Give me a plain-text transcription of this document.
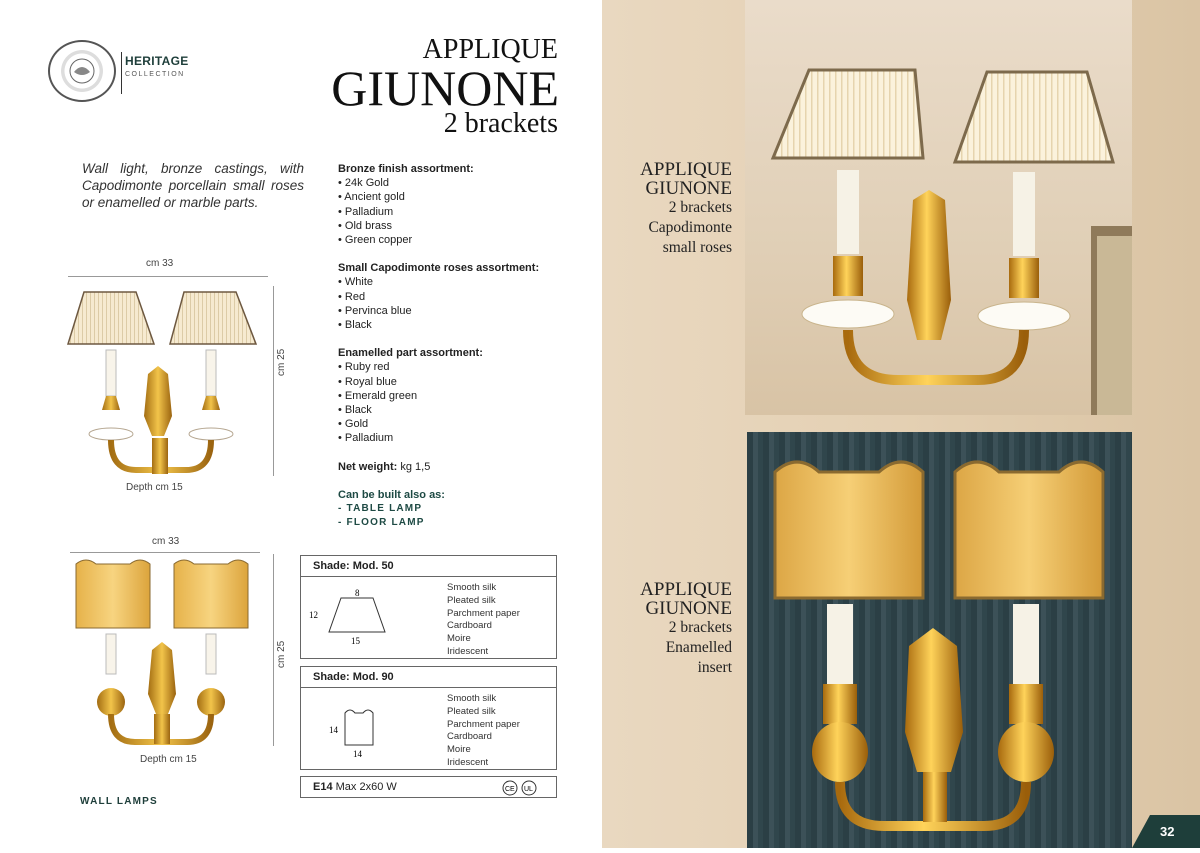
HERITAGE
COLLECTION
APPLIQUE
GIUNONE
2 brackets
Wall light, bronze castings, with Capodimonte porcellain small roses or enamelled or marble parts.
cm 33
cm 25
Depth cm 15
cm 33
cm 25
Depth cm 15
Bronze finish assortment:
• 24k Gold
• Ancient gold
• Palladium
• Old brass
• Green copper
Small Capodimonte roses assortment:
• White
• Red
• Pervinca blue
• Black
Enamelled part assortment:
• Ruby red
• Royal blue
• Emerald green
• Black
• Gold
• Palladium
Net weight: kg 1,5
Can be built also as:
- TABLE LAMP
- FLOOR LAMP
Shade: Mod. 50
8
12
15
Smooth silk
Pleated silk
Parchment paper
Cardboard
Moire
Iridescent
Shade: Mod. 90
14
14
Smooth silk
Pleated silk
Parchment paper
Cardboard
Moire
Iridescent
E14 Max 2x60 W	CE UL
WALL LAMPS
APPLIQUE
GIUNONE
2 brackets
Capodimonte
small roses
APPLIQUE
GIUNONE
2 brackets
Enamelled
insert
32
